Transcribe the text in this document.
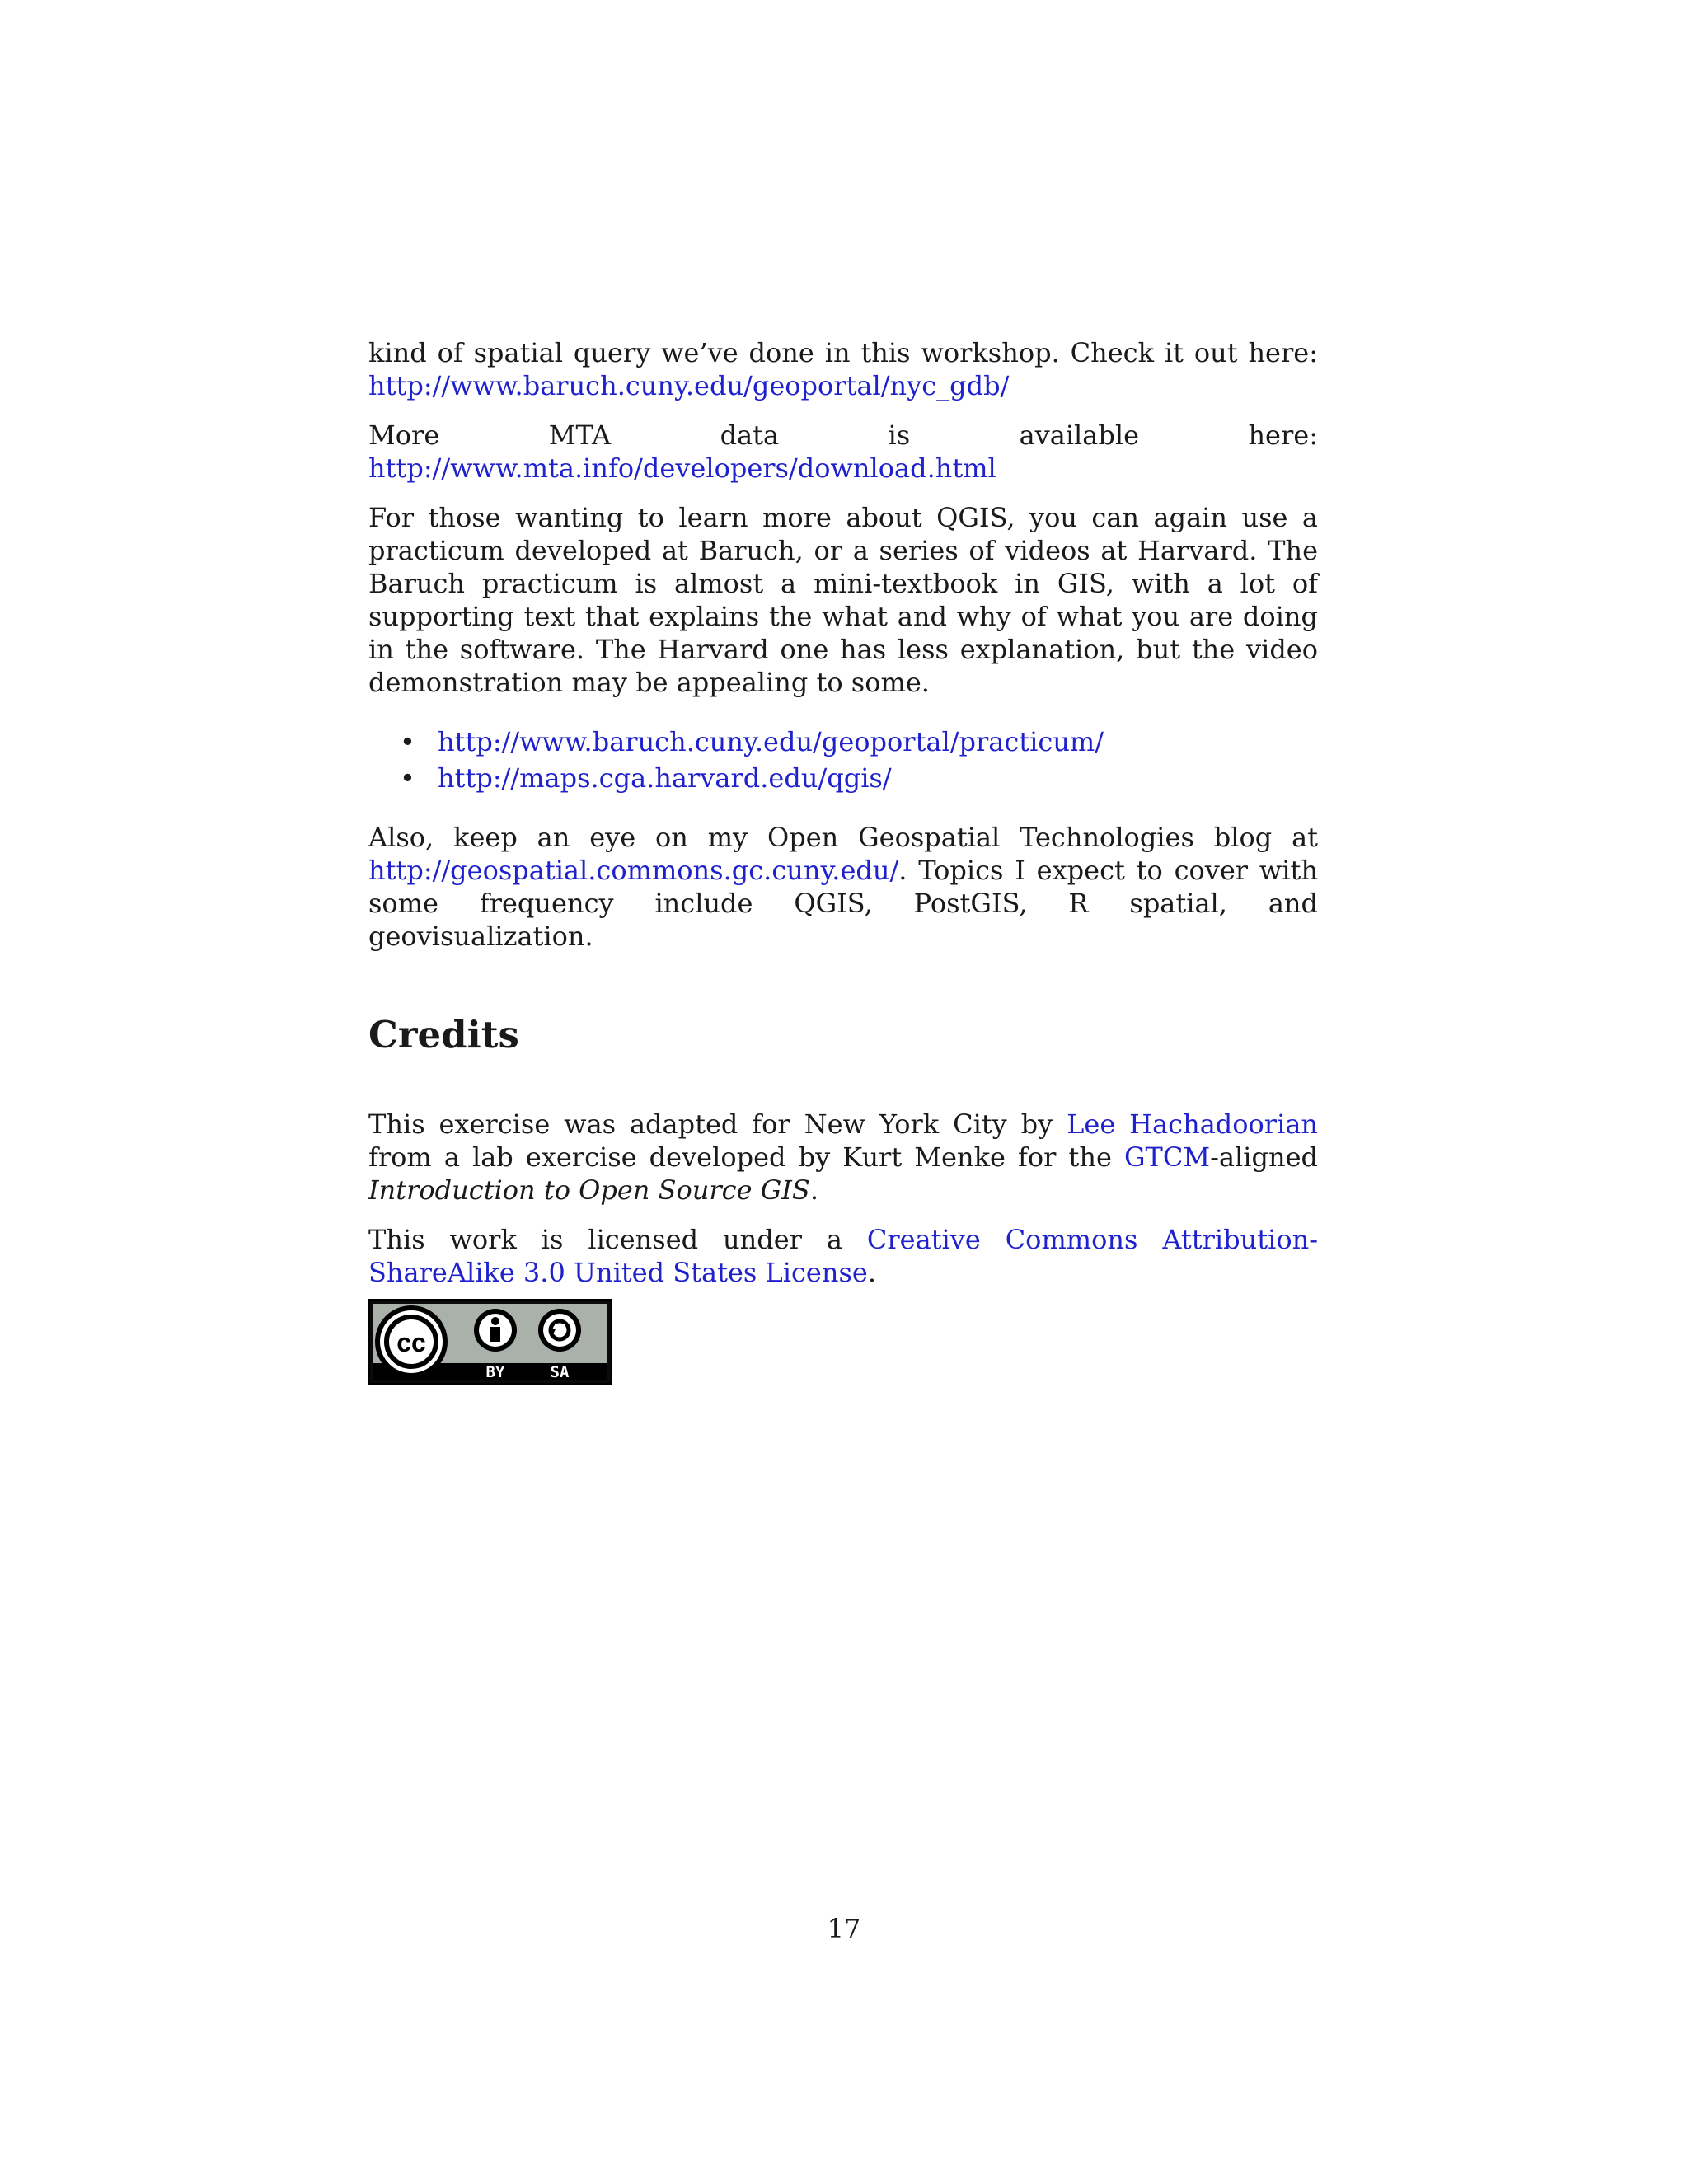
kind of spatial query we’ve done in this workshop. Check it out here: http://www.baruch.cuny.edu/geoportal/nyc_gdb/

More MTA data is available here: http://www.mta.info/developers/download.html

For those wanting to learn more about QGIS, you can again use a practicum developed at Baruch, or a series of videos at Harvard. The Baruch practicum is almost a mini-textbook in GIS, with a lot of supporting text that explains the what and why of what you are doing in the software. The Harvard one has less explanation, but the video demonstration may be appealing to some.

• http://www.baruch.cuny.edu/geoportal/practicum/
• http://maps.cga.harvard.edu/qgis/

Also, keep an eye on my Open Geospatial Technologies blog at http://geospatial.commons.gc.cuny.edu/. Topics I expect to cover with some frequency include QGIS, PostGIS, R spatial, and geovisualization.

Credits

This exercise was adapted for New York City by Lee Hachadoorian from a lab exercise developed by Kurt Menke for the GTCM-aligned Introduction to Open Source GIS.

This work is licensed under a Creative Commons Attribution-ShareAlike 3.0 United States License.

cc
BY	SA
17
